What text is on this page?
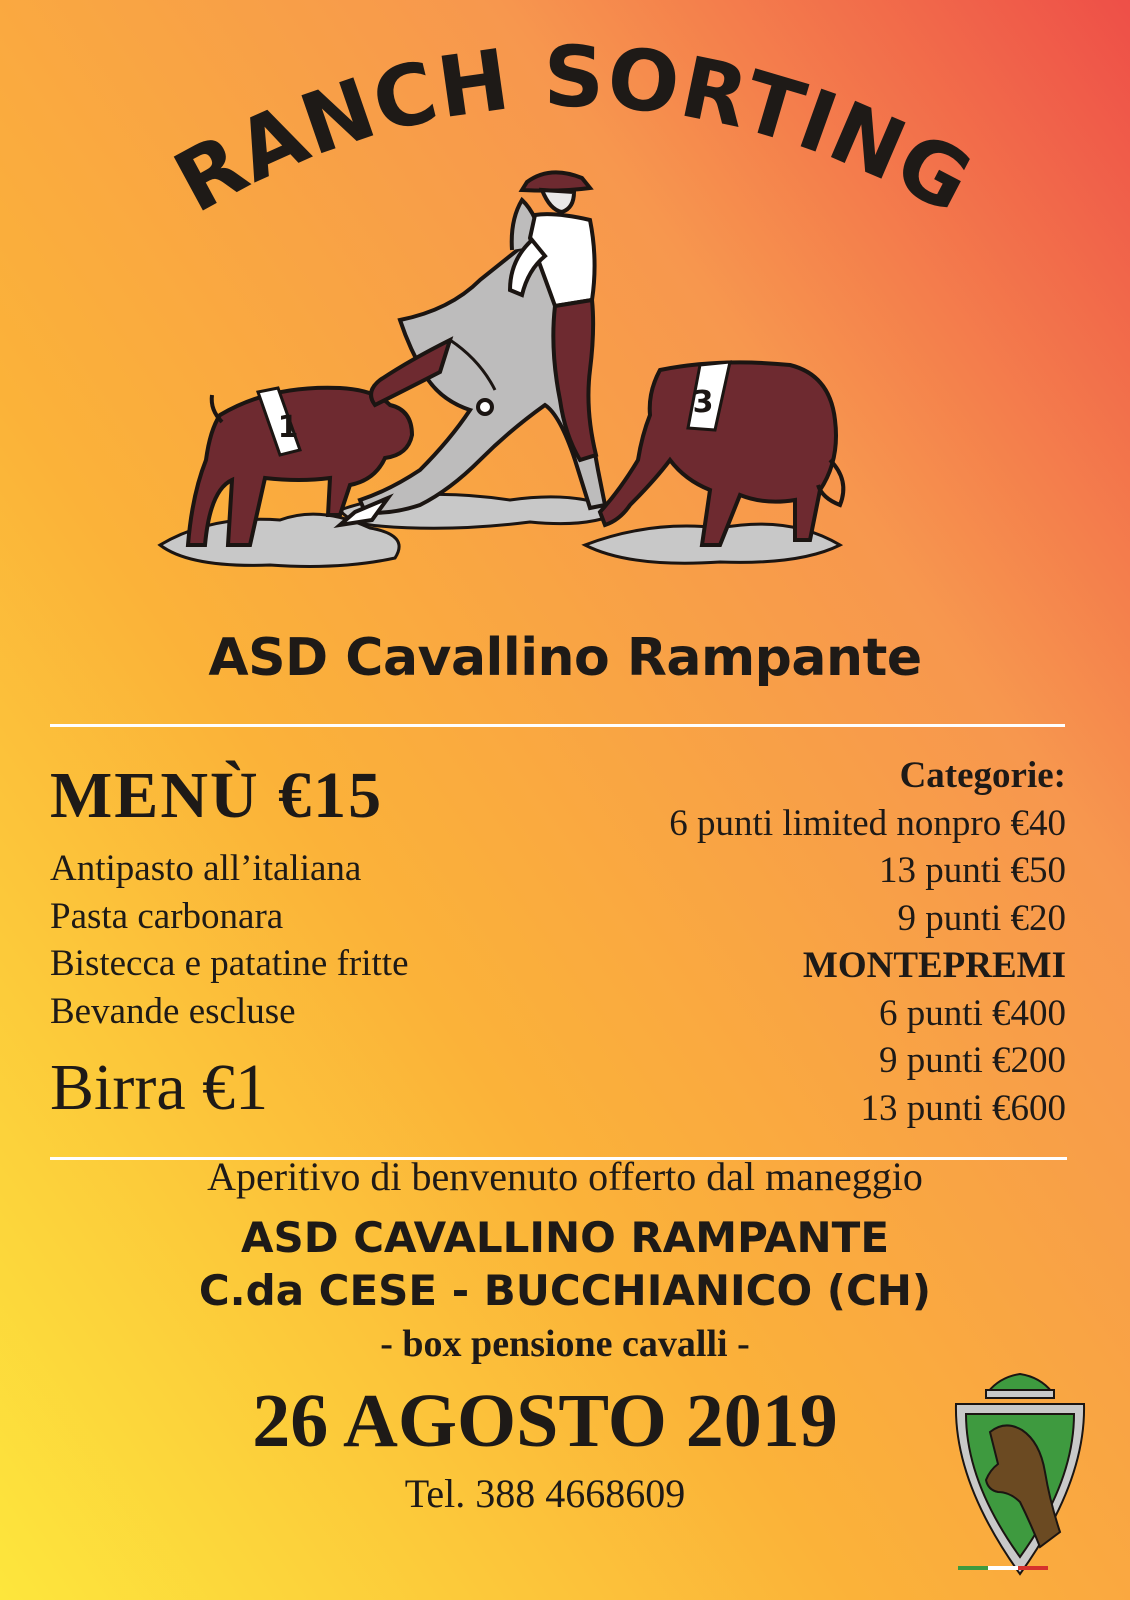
RANCH SORTING
1
3
ASD Cavallino Rampante
MENÙ €15
Antipasto all’italiana
Pasta carbonara
Bistecca e patatine fritte
Bevande escluse
Birra €1
Categorie:
6 punti limited nonpro €40
13 punti €50
9 punti €20
MONTEPREMI
6 punti €400
9 punti €200
13 punti €600
Aperitivo di benvenuto offerto dal maneggio
ASD CAVALLINO RAMPANTE
C.da CESE - BUCCHIANICO (CH)
- box pensione cavalli -
26 AGOSTO 2019
Tel. 388 4668609
